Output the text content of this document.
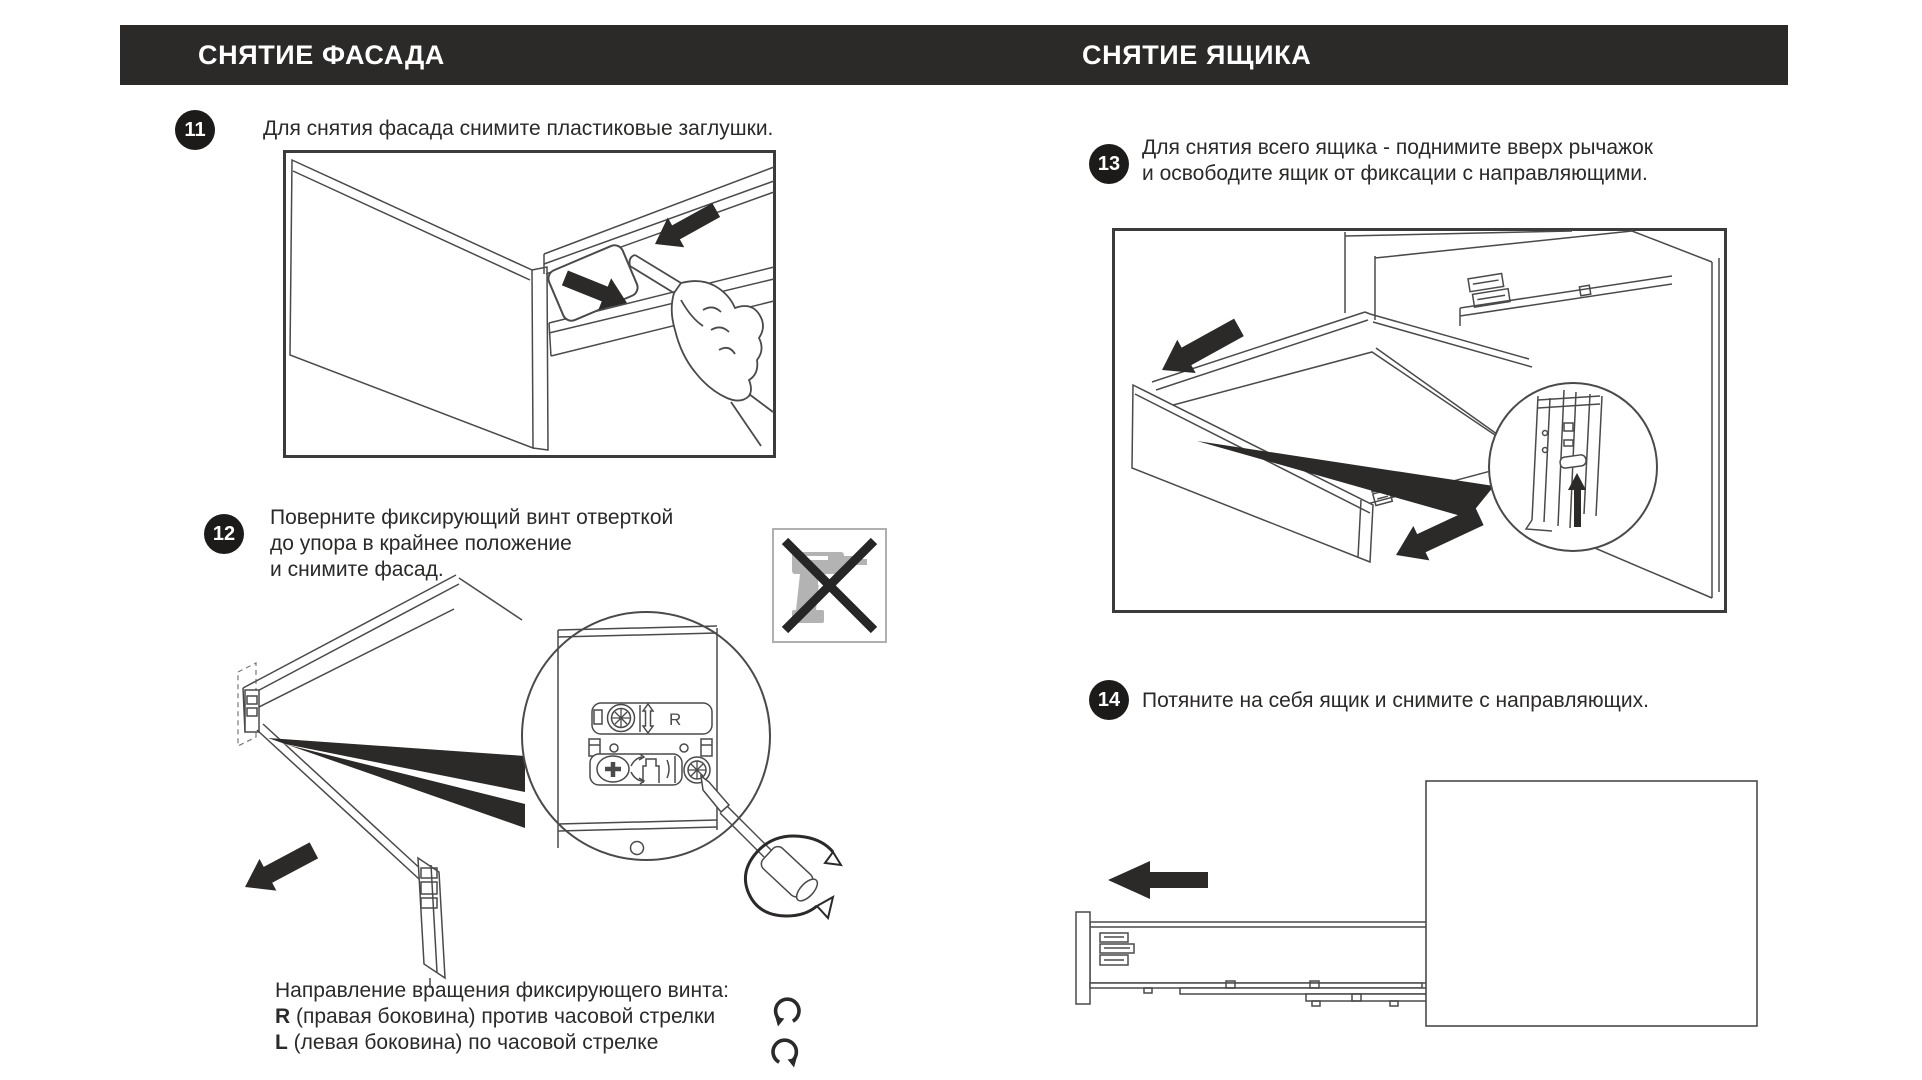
СНЯТИЕ ФАСАДА	СНЯТИЕ ЯЩИКА
11
12
13
14
Для снятия фасада снимите пластиковые заглушки.
Поверните фиксирующий винт отверткой
до упора в крайнее положение
и снимите фасад.
Для снятия всего ящика - поднимите вверх рычажок
и освободите ящик от фиксации с направляющими.
Потяните на себя ящик и снимите с направляющих.
Направление вращения фиксирующего винта:
R (правая боковина) против часовой стрелки
L (левая боковина) по часовой стрелке
R
